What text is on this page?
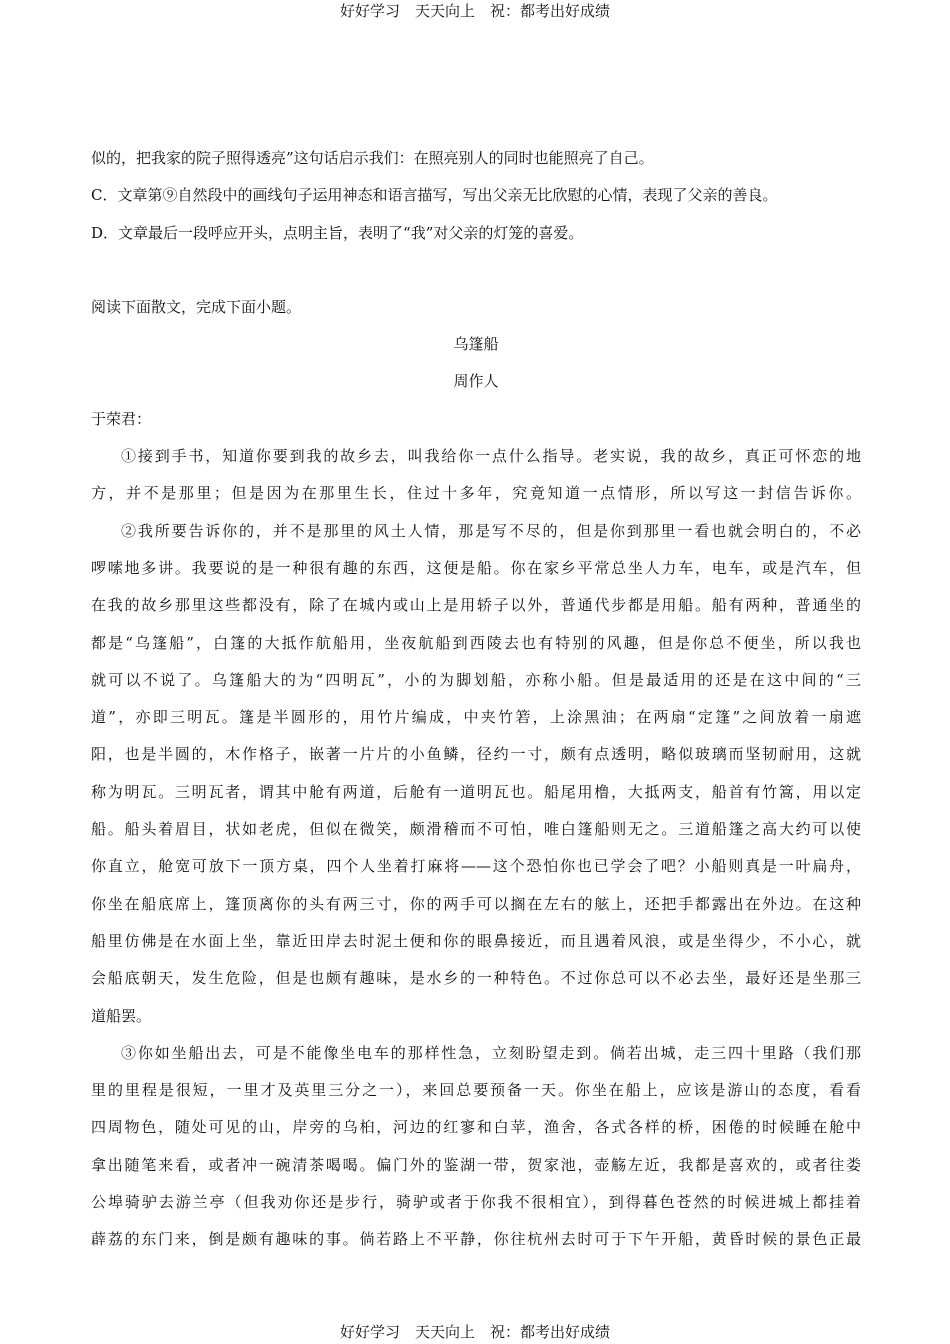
好好学习　天天向上　祝：都考出好成绩
似的，把我家的院子照得透亮”这句话启示我们：在照亮别人的同时也能照亮了自己。
C．文章第⑨自然段中的画线句子运用神态和语言描写，写出父亲无比欣慰的心情，表现了父亲的善良。
D．文章最后一段呼应开头，点明主旨，表明了“我”对父亲的灯笼的喜爱。
阅读下面散文，完成下面小题。
乌篷船
周作人
于荣君：
①接到手书，知道你要到我的故乡去，叫我给你一点什么指导。老实说，我的故乡，真正可怀恋的地
方，并不是那里；但是因为在那里生长，住过十多年，究竟知道一点情形，所以写这一封信告诉你。
②我所要告诉你的，并不是那里的风土人情，那是写不尽的，但是你到那里一看也就会明白的，不必
啰嗦地多讲。我要说的是一种很有趣的东西，这便是船。你在家乡平常总坐人力车，电车，或是汽车，但
在我的故乡那里这些都没有，除了在城内或山上是用轿子以外，普通代步都是用船。船有两种，普通坐的
都是“乌篷船”，白篷的大抵作航船用，坐夜航船到西陵去也有特别的风趣，但是你总不便坐，所以我也
就可以不说了。乌篷船大的为“四明瓦”，小的为脚划船，亦称小船。但是最适用的还是在这中间的“三
道”，亦即三明瓦。篷是半圆形的，用竹片编成，中夹竹箬，上涂黑油；在两扇“定篷”之间放着一扇遮
阳，也是半圆的，木作格子，嵌著一片片的小鱼鳞，径约一寸，颇有点透明，略似玻璃而坚韧耐用，这就
称为明瓦。三明瓦者，谓其中舱有两道，后舱有一道明瓦也。船尾用橹，大抵两支，船首有竹篙，用以定
船。船头着眉目，状如老虎，但似在微笑，颇滑稽而不可怕，唯白篷船则无之。三道船篷之高大约可以使
你直立，舱宽可放下一顶方桌，四个人坐着打麻将——这个恐怕你也已学会了吧？小船则真是一叶扁舟，
你坐在船底席上，篷顶离你的头有两三寸，你的两手可以搁在左右的舷上，还把手都露出在外边。在这种
船里仿佛是在水面上坐，靠近田岸去时泥土便和你的眼鼻接近，而且遇着风浪，或是坐得少，不小心，就
会船底朝天，发生危险，但是也颇有趣味，是水乡的一种特色。不过你总可以不必去坐，最好还是坐那三
道船罢。
③你如坐船出去，可是不能像坐电车的那样性急，立刻盼望走到。倘若出城，走三四十里路（我们那
里的里程是很短，一里才及英里三分之一），来回总要预备一天。你坐在船上，应该是游山的态度，看看
四周物色，随处可见的山，岸旁的乌桕，河边的红寥和白苹，渔舍，各式各样的桥，困倦的时候睡在舱中
拿出随笔来看，或者冲一碗清茶喝喝。偏门外的鉴湖一带，贺家池，壶觞左近，我都是喜欢的，或者往娄
公埠骑驴去游兰亭（但我劝你还是步行，骑驴或者于你我不很相宜），到得暮色苍然的时候进城上都挂着
薜荔的东门来，倒是颇有趣味的事。倘若路上不平静，你往杭州去时可于下午开船，黄昏时候的景色正最
好好学习　天天向上　祝：都考出好成绩
